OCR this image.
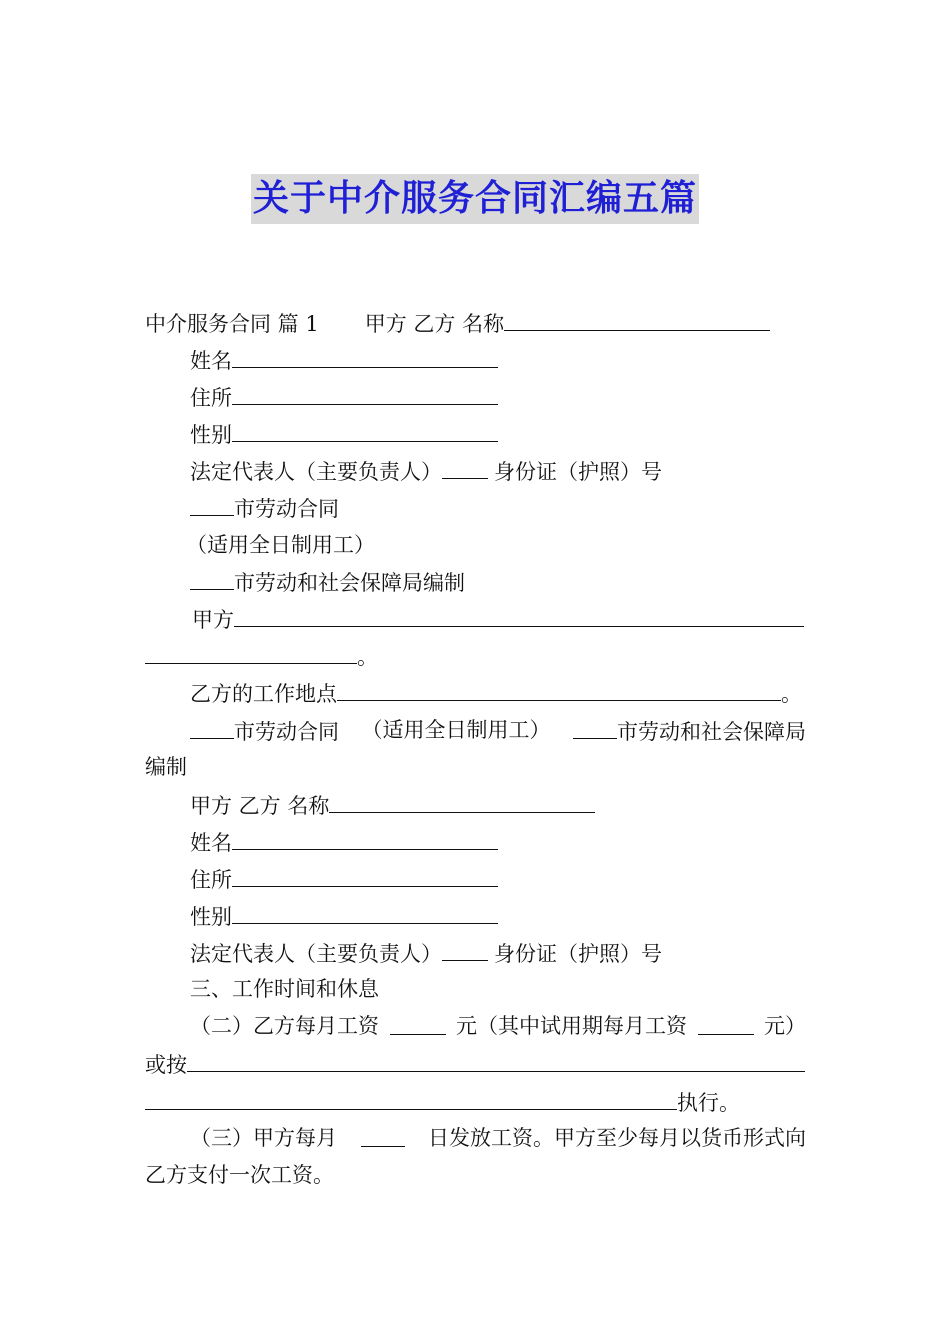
关于中介服务合同汇编五篇
中介服务合同 篇 1 甲方 乙方 名称
姓名
住所
性别
法定代表人（主要负责人） 身份证（护照）号
市劳动合同
（适用全日制用工）
市劳动和社会保障局编制
甲方
。
乙方的工作地点	。
市劳动合同 （适用全日制用工）	市劳动和社会保障局
编制
甲方 乙方 名称
姓名
住所
性别
法定代表人（主要负责人） 身份证（护照）号
三、工作时间和休息
（二）乙方每月工资	元（其中试用期每月工资	元）
或按
执行。
（三）甲方每月	日发放工资。甲方至少每月以货币形式向
乙方支付一次工资。
